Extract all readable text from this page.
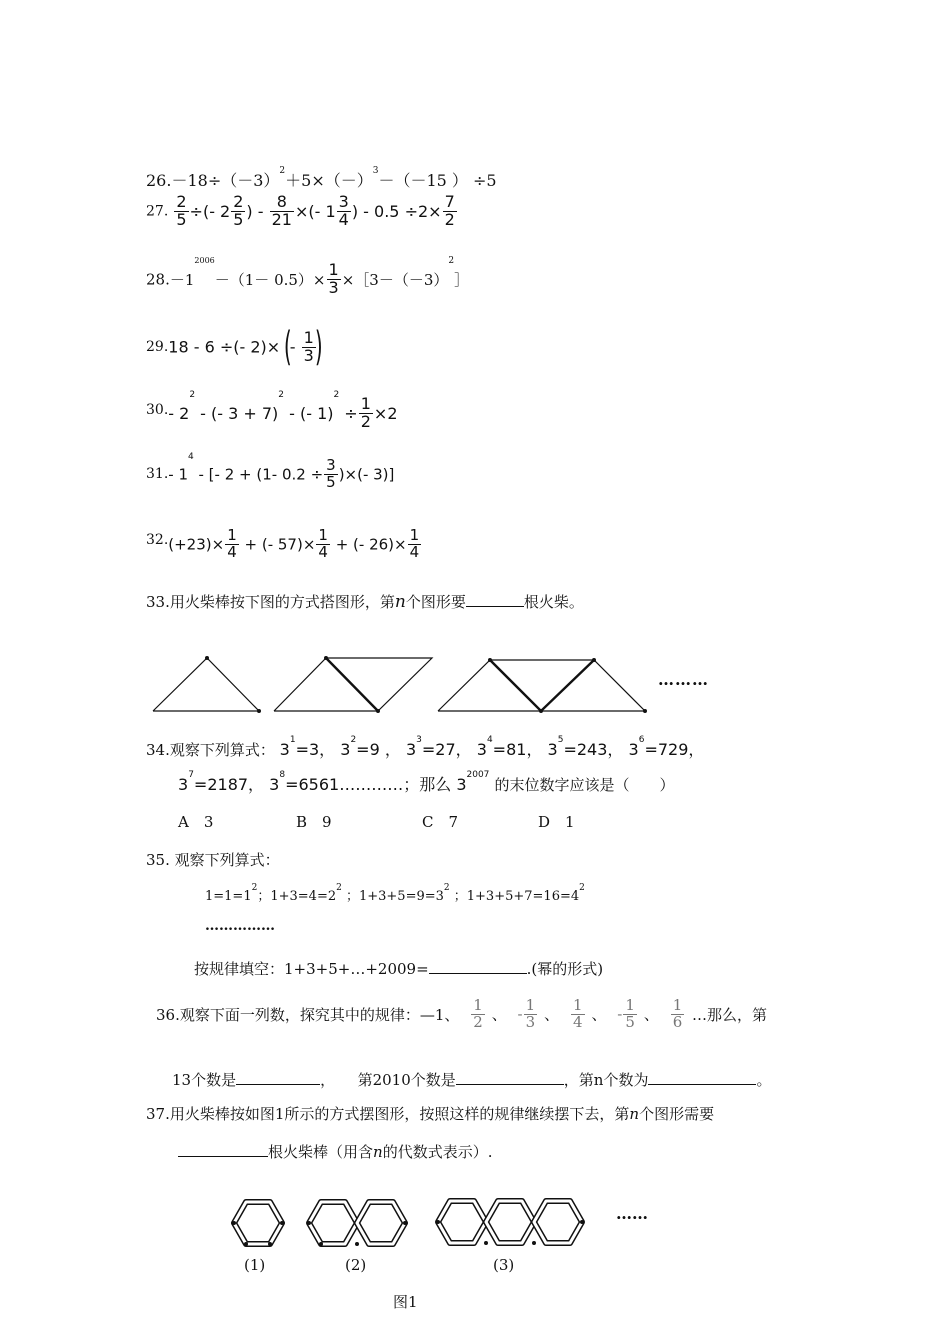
$26.-18\div(-3)^2+5\times(-)^3-(-15$ ） ÷5
27. $\frac{2}{5}$ ÷(- $2 \frac{2}{5}$ ) - $\frac{8}{21}$ ×(- $1 \frac{3}{4}$ ) - $0.5 \div 2\times \frac{7}{2}$
$28.-1^{2006}-(1- 0.5)\times \frac{1}{3}$ $\times[3-(-3)^2]$
29.18 - 6 ÷(- $2)\times(- \frac{1}{3}$
)
30.- $2^2$ - (- 3 + 7)$^2$ - (- $1)^2 \div \frac{1}{2} \times 2$
31.- $1^4$ - [- 2 + (1- $0.2 \div \frac{3}{5}$ )×(- 3)]
$32.(+23)\times \frac{1}{4}$ + (- $57)\times \frac{1}{4}$ + (- $26)\times \frac{1}{4}$
33.用火柴棒按下图的方式搭图形，第n个图形要	根火柴。
………
34.观察下列算式： $3^1=3$， $3^2=9$ ， $3^3=27$， $3^4=81$， $3^5=243$， $3^6=729$，
$3^7=2187$， $3^8=6561\dots\dots\dots\dots$；那么 $3^{2007}$ 的末位数字应该是（　　）
A　3	B　9	C　7	D　1
35. 观察下列算式：
$1=1=1^2$；$1+3=4=2^2$ ；$1+3+5=9=3^2$ ；$1+3+5+7=16=4^2$
……………
按规律填空：1+3+5+…+2009=	.(幂的形式)
36.观察下面一列数，探究其中的规律：—1、 $\frac{1}{2}$ 、 - $\frac{1}{3}$ 、 $\frac{1}{4}$ 、 - $\frac{1}{5}$ 、 $\frac{1}{6}$ …那么，第
13个数是	，　　第2010个数是	，第n个数为	。
37.用火柴棒按如图1所示的方式摆图形，按照这样的规律继续摆下去，第n个图形需要
根火柴棒（用含n的代数式表示）.
……
(1)	(2)	(3)
图1
